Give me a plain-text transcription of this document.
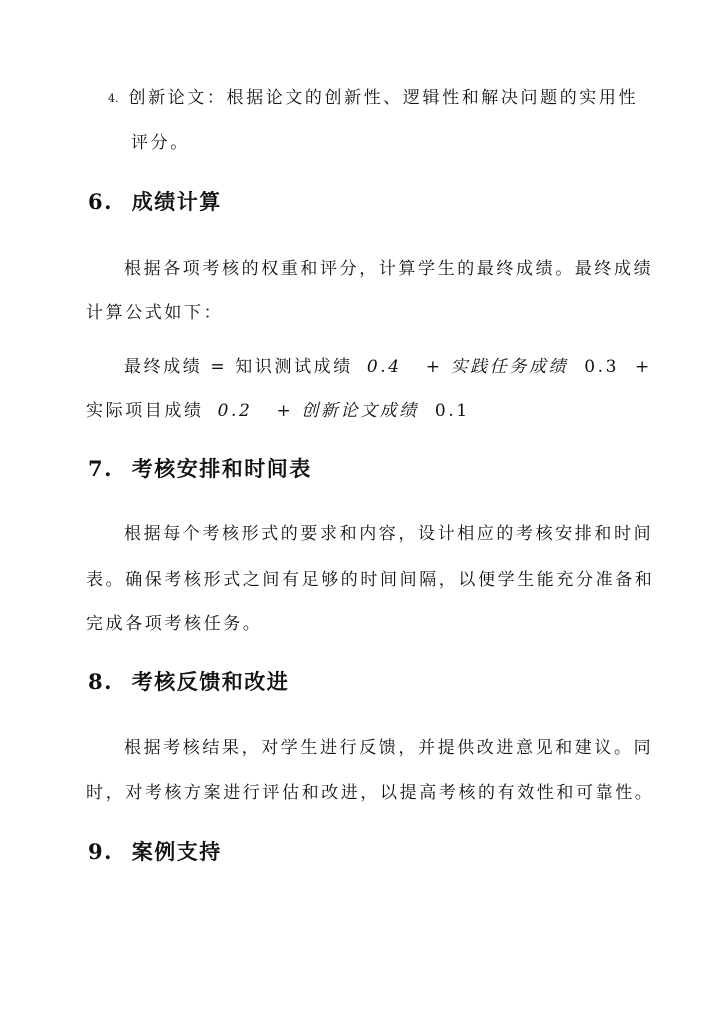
4. 创新论文：根据论文的创新性、逻辑性和解决问题的实用性
评分。
6. 成绩计算
根据各项考核的权重和评分，计算学生的最终成绩。最终成绩
计算公式如下：
最终成绩 = 知识测试成绩 0.4 + 实践任务成绩 0.3 +
实际项目成绩 0.2 + 创新论文成绩 0.1
7. 考核安排和时间表
根据每个考核形式的要求和内容，设计相应的考核安排和时间
表。确保考核形式之间有足够的时间间隔，以便学生能充分准备和
完成各项考核任务。
8. 考核反馈和改进
根据考核结果，对学生进行反馈，并提供改进意见和建议。同
时，对考核方案进行评估和改进，以提高考核的有效性和可靠性。
9. 案例支持
